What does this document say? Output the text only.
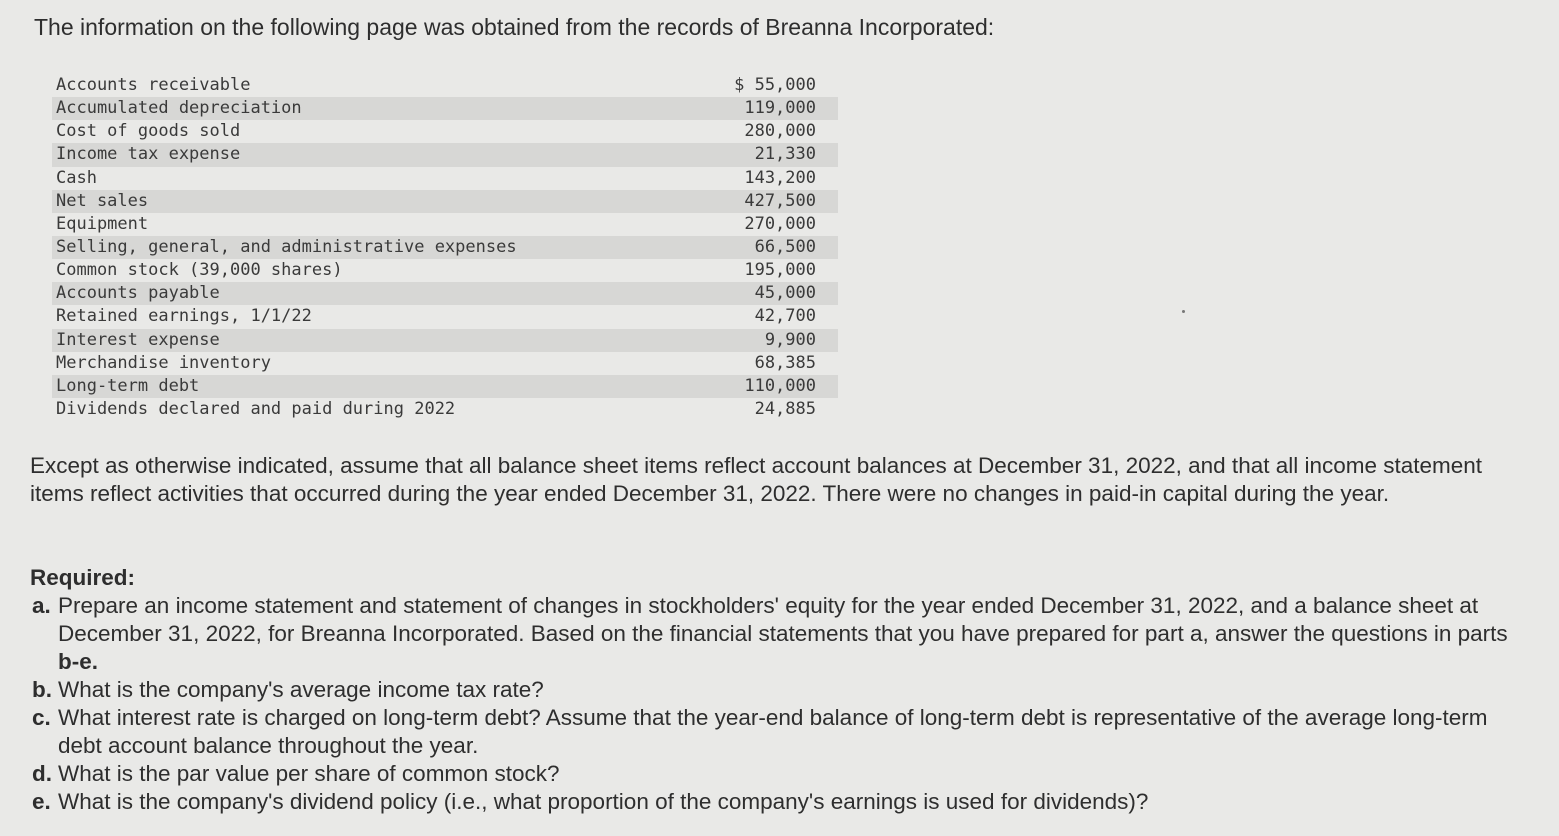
The information on the following page was obtained from the records of Breanna Incorporated:
Accounts receivable		$ 55,000
Accumulated depreciation		119,000
Cost of goods sold		280,000
Income tax expense		21,330
Cash		143,200
Net sales		427,500
Equipment		270,000
Selling, general, and administrative expenses		66,500
Common stock (39,000 shares)		195,000
Accounts payable		45,000
Retained earnings, 1/1/22		42,700
Interest expense		9,900
Merchandise inventory		68,385
Long-term debt		110,000
Dividends declared and paid during 2022		24,885
Except as otherwise indicated, assume that all balance sheet items reflect account balances at December 31, 2022, and that all income statement items reflect activities that occurred during the year ended December 31, 2022. There were no changes in paid-in capital during the year.
Required:
a. Prepare an income statement and statement of changes in stockholders' equity for the year ended December 31, 2022, and a balance sheet at December 31, 2022, for Breanna Incorporated. Based on the financial statements that you have prepared for part a, answer the questions in parts b-e.
b. What is the company's average income tax rate?
c. What interest rate is charged on long-term debt? Assume that the year-end balance of long-term debt is representative of the average long-term debt account balance throughout the year.
d. What is the par value per share of common stock?
e. What is the company's dividend policy (i.e., what proportion of the company's earnings is used for dividends)?
